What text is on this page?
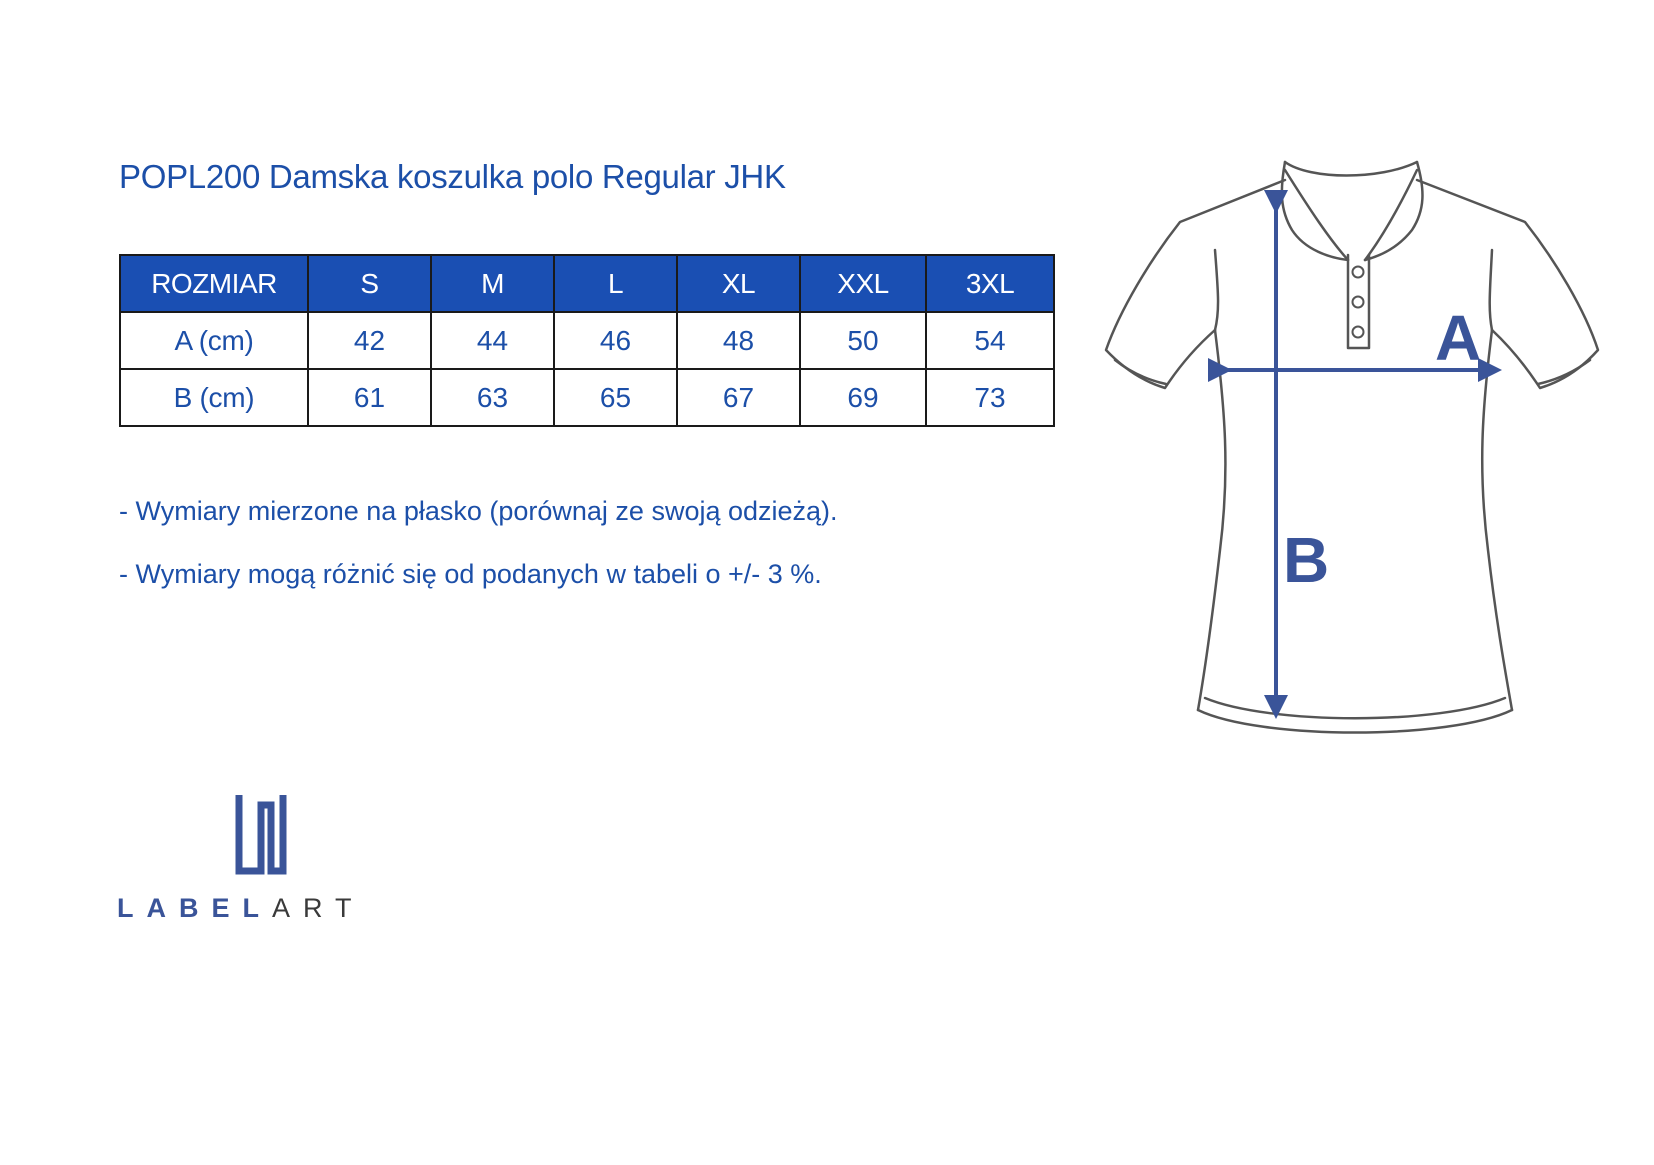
POPL200 Damska koszulka polo Regular JHK
ROZMIAR	S	M	L	XL	XXL	3XL
A (cm)	42	44	46	48	50	54
B (cm)	61	63	65	67	69	73
- Wymiary mierzone na płasko (porównaj ze swoją odzieżą).
- Wymiary mogą różnić się od podanych w tabeli o +/- 3 %.
LABELART
A
B
